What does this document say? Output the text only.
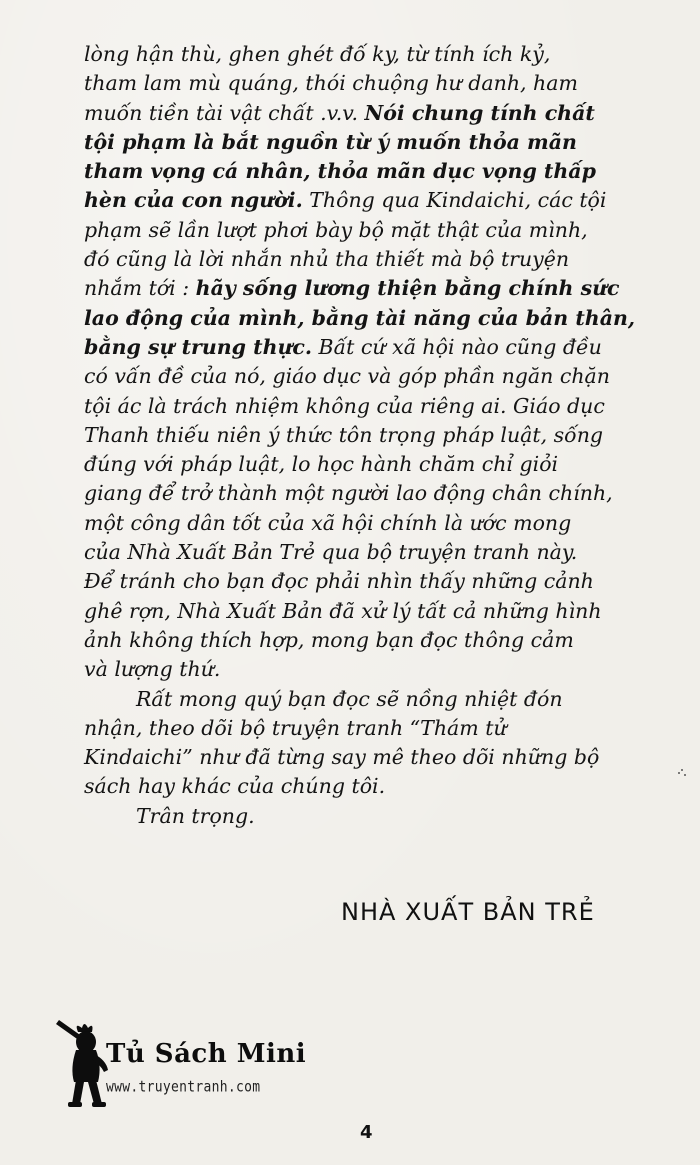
lòng hận thù, ghen ghét đố ky, từ tính ích kỷ,
tham lam mù quáng, thói chuộng hư danh, ham
muốn tiền tài vật chất .v.v. Nói chung tính chất
tội phạm là bắt nguồn từ ý muốn thỏa mãn
tham vọng cá nhân, thỏa mãn dục vọng thấp
hèn của con người. Thông qua Kindaichi, các tội
phạm sẽ lần lượt phơi bày bộ mặt thật của mình,
đó cũng là lời nhắn nhủ tha thiết mà bộ truyện
nhắm tới : hãy sống lương thiện bằng chính sức
lao động của mình, bằng tài năng của bản thân,
bằng sự trung thực. Bất cứ xã hội nào cũng đều
có vấn đề của nó, giáo dục và góp phần ngăn chặn
tội ác là trách nhiệm không của riêng ai. Giáo dục
Thanh thiếu niên ý thức tôn trọng pháp luật, sống
đúng với pháp luật, lo học hành chăm chỉ giỏi
giang để trở thành một người lao động chân chính,
một công dân tốt của xã hội chính là ước mong
của Nhà Xuất Bản Trẻ qua bộ truyện tranh này.
Để tránh cho bạn đọc phải nhìn thấy những cảnh
ghê rợn, Nhà Xuất Bản đã xử lý tất cả những hình
ảnh không thích hợp, mong bạn đọc thông cảm
và lượng thứ.
Rất mong quý bạn đọc sẽ nồng nhiệt đón
nhận, theo dõi bộ truyện tranh “Thám tử
Kindaichi” như đã từng say mê theo dõi những bộ
sách hay khác của chúng tôi.
Trân trọng.
NHÀ XUẤT BẢN TRẺ
Tủ Sách Mini
www.truyentranh.com
4
